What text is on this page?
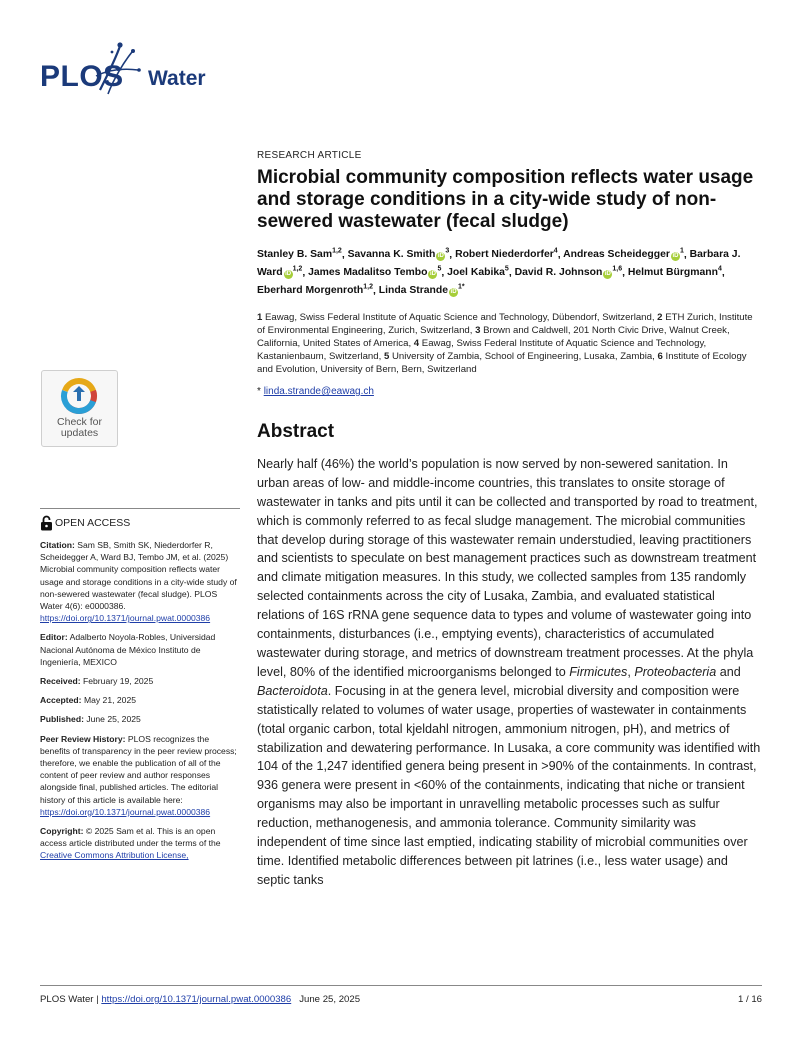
PLOS Water

RESEARCH ARTICLE

Microbial community composition reflects water usage and storage conditions in a city-wide study of non-sewered wastewater (fecal sludge)

Stanley B. Sam$^{1,2}$, Savanna K. Smith $iD^3$, Robert Niederdorfer$^4$, Andreas Scheidegger $iD^1$, Barbara J. Ward iD$^{1,2}$, James Madalitso Tembo $iD^5$, Joel Kabika$^5$, David R. Johnson iD$^{1,6}$, Helmut Bürgmann$^4$, Eberhard Morgenroth$^{1,2}$, Linda Strande $iD^{1*}$

1 Eawag, Swiss Federal Institute of Aquatic Science and Technology, Dübendorf, Switzerland, 2 ETH Zurich, Institute of Environmental Engineering, Zurich, Switzerland, 3 Brown and Caldwell, 201 North Civic Drive, Walnut Creek, California, United States of America, 4 Eawag, Swiss Federal Institute of Aquatic Science and Technology, Kastanienbaum, Switzerland, 5 University of Zambia, School of Engineering, Lusaka, Zambia, 6 Institute of Ecology and Evolution, University of Bern, Bern, Switzerland

* linda.strande@eawag.ch

Abstract

Nearly half (46%) the world’s population is now served by non-sewered sanitation. In urban areas of low- and middle-income countries, this translates to onsite storage of wastewater in tanks and pits until it can be collected and transported by road to treatment, which is commonly referred to as fecal sludge management. The microbial communities that develop during storage of this wastewater remain understudied, leaving practitioners and scientists to speculate on best management practices such as downstream treatment and climate mitigation measures. In this study, we collected samples from 135 randomly selected containments across the city of Lusaka, Zambia, and evaluated statistical relations of 16S rRNA gene sequence data to types and volume of wastewater going into containments, disturbances (i.e., emptying events), characteristics of accumulated wastewater during storage, and metrics of downstream treatment processes. At the phyla level, 80% of the identified microorganisms belonged to Firmicutes, Proteobacteria and Bacteroidota. Focusing in at the genera level, microbial diversity and composition were statistically related to volumes of water usage, properties of wastewater in containments (total organic carbon, total kjeldahl nitrogen, ammonium nitrogen, pH), and metrics of stabilization and dewatering performance. In Lusaka, a core community was identified with 104 of the 1,247 identified genera being present in >90% of the containments. In contrast, 936 genera were present in <60% of the containments, indicating that niche or transient organisms may also be important in unravelling metabolic processes such as sulfur reduction, methanogenesis, and ammonia tolerance. Community similarity was independent of time since last emptied, indicating stability of microbial communities over time. Identified metabolic differences between pit latrines (i.e., less water usage) and septic tanks

Check for
updates
OPEN ACCESS

Citation: Sam SB, Smith SK, Niederdorfer R, Scheidegger A, Ward BJ, Tembo JM, et al. (2025) Microbial community composition reflects water usage and storage conditions in a city-wide study of non-sewered wastewater (fecal sludge). PLOS Water 4(6): e0000386. https://doi.org/10.1371/journal.pwat.0000386

Editor: Adalberto Noyola-Robles, Universidad Nacional Autónoma de México Instituto de Ingeniería, MEXICO

Received: February 19, 2025

Accepted: May 21, 2025

Published: June 25, 2025

Peer Review History: PLOS recognizes the benefits of transparency in the peer review process; therefore, we enable the publication of all of the content of peer review and author responses alongside final, published articles. The editorial history of this article is available here: https://doi.org/10.1371/journal.pwat.0000386

Copyright: © 2025 Sam et al. This is an open access article distributed under the terms of the Creative Commons Attribution License,

PLOS Water | https://doi.org/10.1371/journal.pwat.0000386 June 25, 2025	1 / 16
